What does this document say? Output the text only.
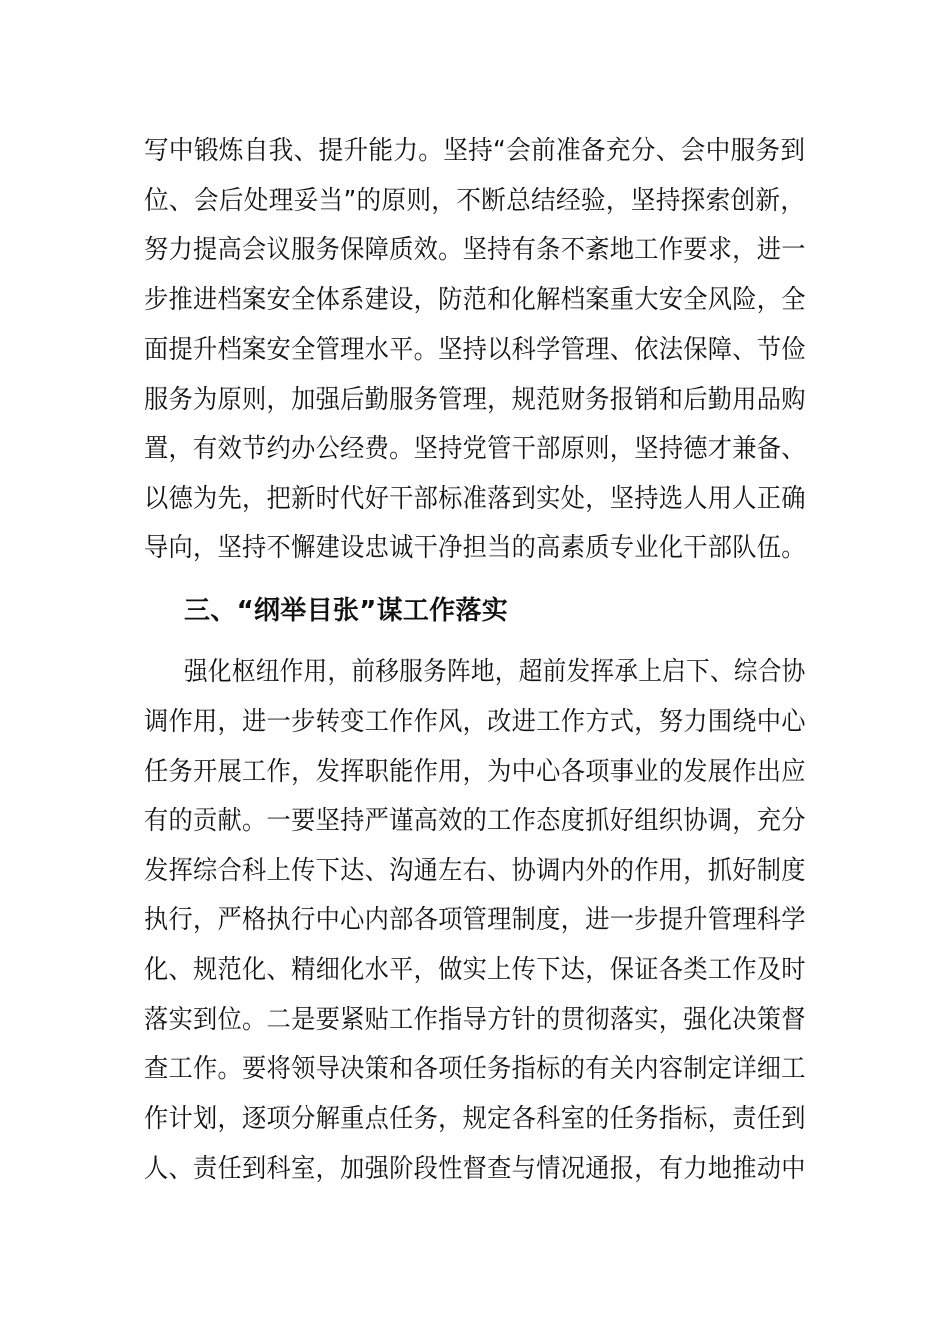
写中锻炼自我、提升能力。坚持“会前准备充分、会中服务到
位、会后处理妥当”的原则，不断总结经验，坚持探索创新，
努力提高会议服务保障质效。坚持有条不紊地工作要求，进一
步推进档案安全体系建设，防范和化解档案重大安全风险，全
面提升档案安全管理水平。坚持以科学管理、依法保障、节俭
服务为原则，加强后勤服务管理，规范财务报销和后勤用品购
置，有效节约办公经费。坚持党管干部原则，坚持德才兼备、
以德为先，把新时代好干部标准落到实处，坚持选人用人正确
导向，坚持不懈建设忠诚干净担当的高素质专业化干部队伍。
三、“纲举目张”谋工作落实
强化枢纽作用，前移服务阵地，超前发挥承上启下、综合协
调作用，进一步转变工作作风，改进工作方式，努力围绕中心
任务开展工作，发挥职能作用，为中心各项事业的发展作出应
有的贡献。一要坚持严谨高效的工作态度抓好组织协调，充分
发挥综合科上传下达、沟通左右、协调内外的作用，抓好制度
执行，严格执行中心内部各项管理制度，进一步提升管理科学
化、规范化、精细化水平，做实上传下达，保证各类工作及时
落实到位。二是要紧贴工作指导方针的贯彻落实，强化决策督
查工作。要将领导决策和各项任务指标的有关内容制定详细工
作计划，逐项分解重点任务，规定各科室的任务指标，责任到
人、责任到科室，加强阶段性督查与情况通报，有力地推动中
